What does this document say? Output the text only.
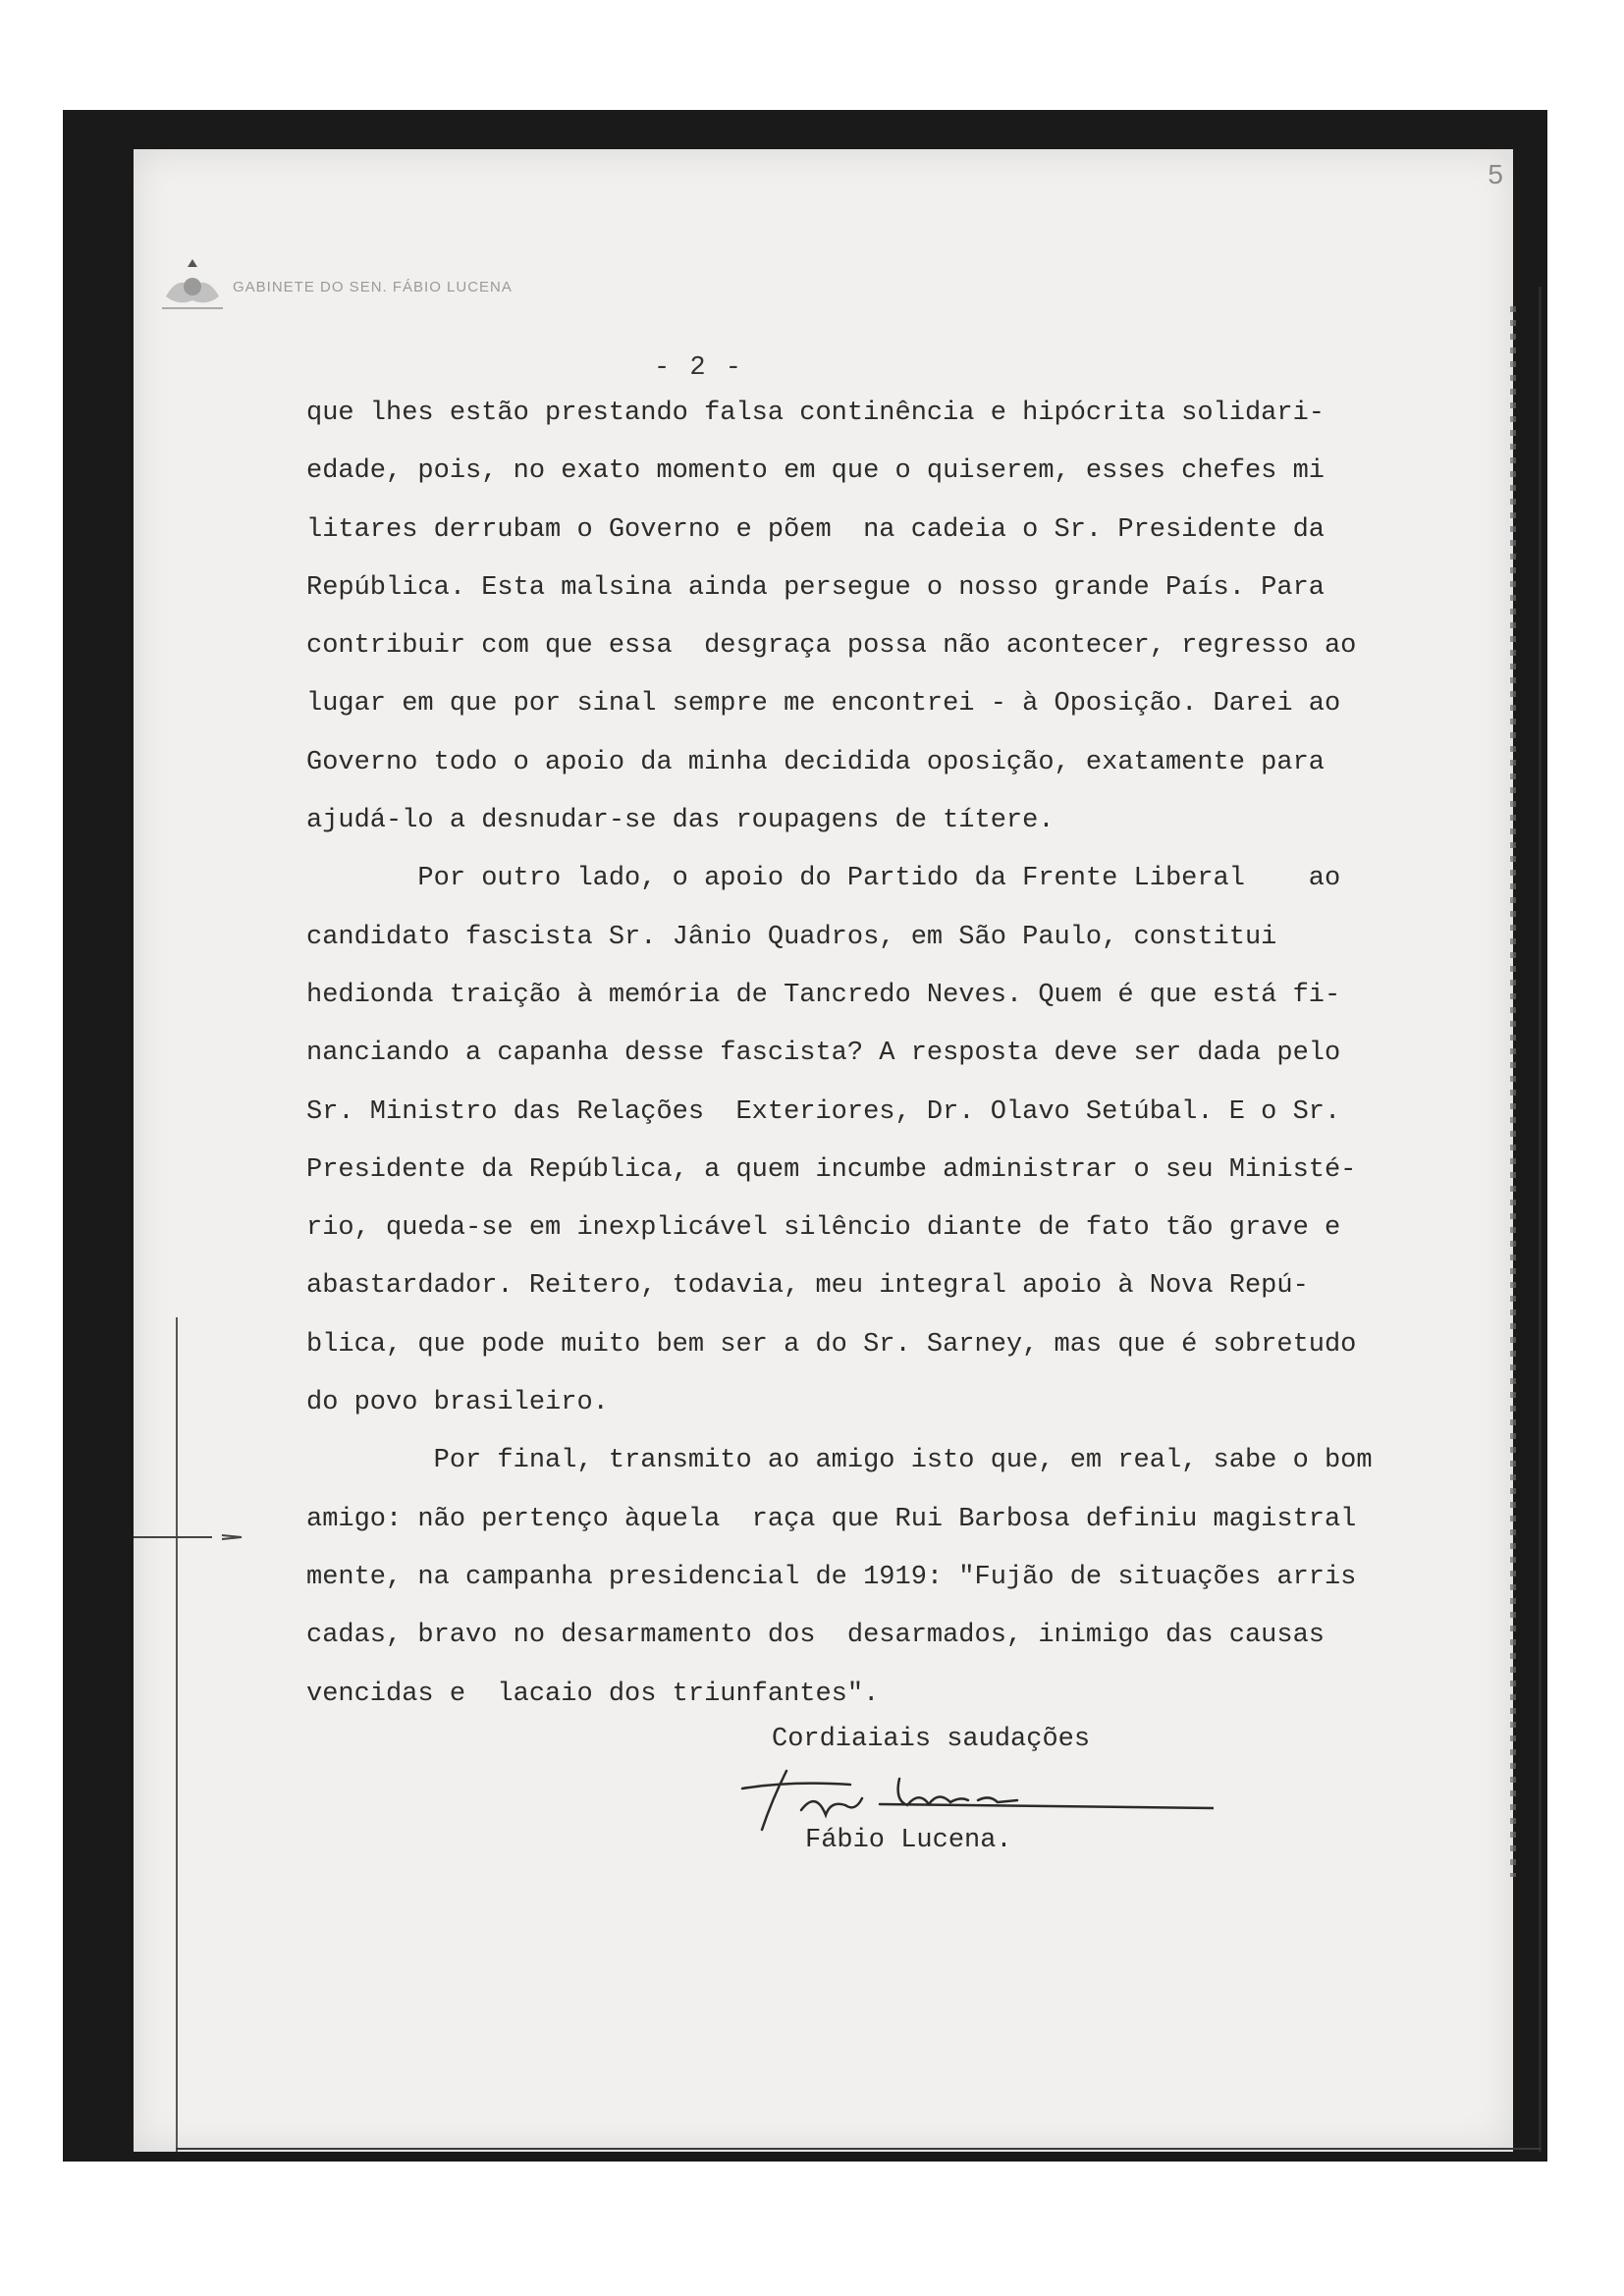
5
GABINETE DO SEN. FÁBIO LUCENA
- 2 -
que lhes estão prestando falsa continência e hipócrita solidari-
edade, pois, no exato momento em que o quiserem, esses chefes mi
litares derrubam o Governo e põem  na cadeia o Sr. Presidente da
República. Esta malsina ainda persegue o nosso grande País. Para
contribuir com que essa  desgraça possa não acontecer, regresso ao
lugar em que por sinal sempre me encontrei - à Oposição. Darei ao
Governo todo o apoio da minha decidida oposição, exatamente para
ajudá-lo a desnudar-se das roupagens de títere.
Por outro lado, o apoio do Partido da Frente Liberal    ao
candidato fascista Sr. Jânio Quadros, em São Paulo, constitui
hedionda traição à memória de Tancredo Neves. Quem é que está fi-
nanciando a capanha desse fascista? A resposta deve ser dada pelo
Sr. Ministro das Relações  Exteriores, Dr. Olavo Setúbal. E o Sr.
Presidente da República, a quem incumbe administrar o seu Ministé-
rio, queda-se em inexplicável silêncio diante de fato tão grave e
abastardador. Reitero, todavia, meu integral apoio à Nova Repú-
blica, que pode muito bem ser a do Sr. Sarney, mas que é sobretudo
do povo brasileiro.
Por final, transmito ao amigo isto que, em real, sabe o bom
amigo: não pertenço àquela  raça que Rui Barbosa definiu magistral
mente, na campanha presidencial de 1919: "Fujão de situações arris
cadas, bravo no desarmamento dos  desarmados, inimigo das causas
vencidas e  lacaio dos triunfantes".
Cordiaiais saudações
Fábio Lucena.
